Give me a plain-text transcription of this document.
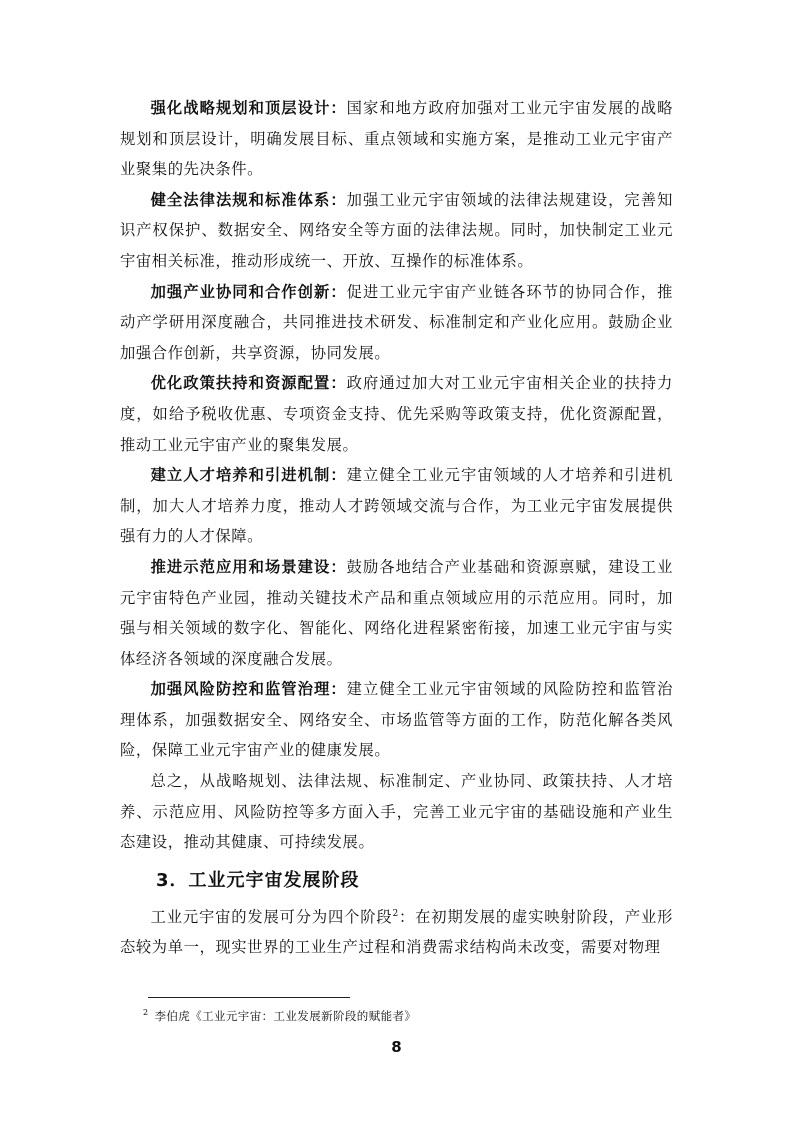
强化战略规划和顶层设计：国家和地方政府加强对工业元宇宙发展的战略规划和顶层设计，明确发展目标、重点领域和实施方案，是推动工业元宇宙产业聚集的先决条件。

健全法律法规和标准体系：加强工业元宇宙领域的法律法规建设，完善知识产权保护、数据安全、网络安全等方面的法律法规。同时，加快制定工业元宇宙相关标准，推动形成统一、开放、互操作的标准体系。

加强产业协同和合作创新：促进工业元宇宙产业链各环节的协同合作，推动产学研用深度融合，共同推进技术研发、标准制定和产业化应用。鼓励企业加强合作创新，共享资源，协同发展。

优化政策扶持和资源配置：政府通过加大对工业元宇宙相关企业的扶持力度，如给予税收优惠、专项资金支持、优先采购等政策支持，优化资源配置，推动工业元宇宙产业的聚集发展。

建立人才培养和引进机制：建立健全工业元宇宙领域的人才培养和引进机制，加大人才培养力度，推动人才跨领域交流与合作，为工业元宇宙发展提供强有力的人才保障。

推进示范应用和场景建设：鼓励各地结合产业基础和资源禀赋，建设工业元宇宙特色产业园，推动关键技术产品和重点领域应用的示范应用。同时，加强与相关领域的数字化、智能化、网络化进程紧密衔接，加速工业元宇宙与实体经济各领域的深度融合发展。

加强风险防控和监管治理：建立健全工业元宇宙领域的风险防控和监管治理体系，加强数据安全、网络安全、市场监管等方面的工作，防范化解各类风险，保障工业元宇宙产业的健康发展。

总之，从战略规划、法律法规、标准制定、产业协同、政策扶持、人才培养、示范应用、风险防控等多方面入手，完善工业元宇宙的基础设施和产业生态建设，推动其健康、可持续发展。

3．工业元宇宙发展阶段

工业元宇宙的发展可分为四个阶段$^2$：在初期发展的虚实映射阶段，产业形态较为单一，现实世界的工业生产过程和消费需求结构尚未改变，需要对物理

$^2$ 李伯虎《工业元宇宙：工业发展新阶段的赋能者》
8
